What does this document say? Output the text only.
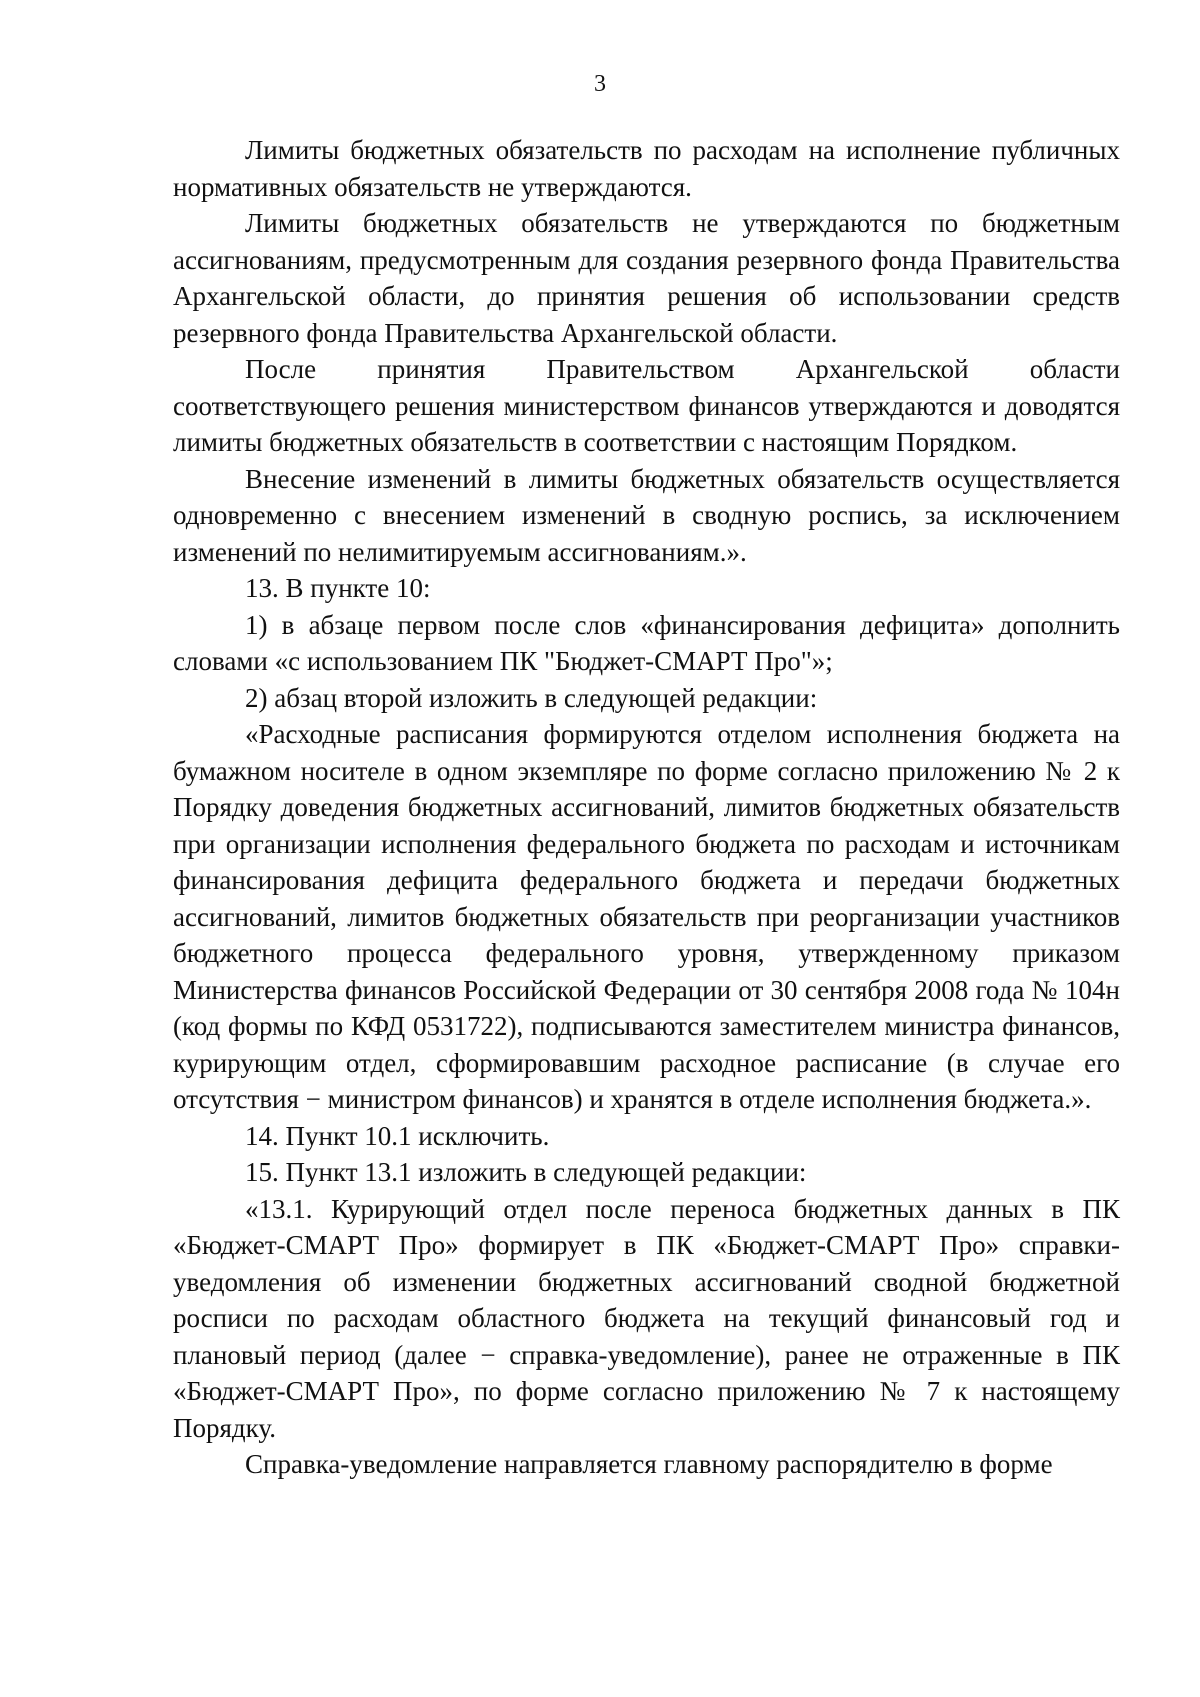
3

Лимиты бюджетных обязательств по расходам на исполнение публичных нормативных обязательств не утверждаются.

Лимиты бюджетных обязательств не утверждаются по бюджетным ассигнованиям, предусмотренным для создания резервного фонда Правительства Архангельской области, до принятия решения об использовании средств резервного фонда Правительства Архангельской области.

После принятия Правительством Архангельской области соответствующего решения министерством финансов утверждаются и доводятся лимиты бюджетных обязательств в соответствии с настоящим Порядком.

Внесение изменений в лимиты бюджетных обязательств осуществляется одновременно с внесением изменений в сводную роспись, за исключением изменений по нелимитируемым ассигнованиям.».

13. В пункте 10:

1) в абзаце первом после слов «финансирования дефицита» дополнить словами «с использованием ПК "Бюджет-СМАРТ Про"»;

2) абзац второй изложить в следующей редакции:

«Расходные расписания формируются отделом исполнения бюджета на бумажном носителе в одном экземпляре по форме согласно приложению № 2 к Порядку доведения бюджетных ассигнований, лимитов бюджетных обязательств при организации исполнения федерального бюджета по расходам и источникам финансирования дефицита федерального бюджета и передачи бюджетных ассигнований, лимитов бюджетных обязательств при реорганизации участников бюджетного процесса федерального уровня, утвержденному приказом Министерства финансов Российской Федерации от 30 сентября 2008 года № 104н (код формы по КФД 0531722), подписываются заместителем министра финансов, курирующим отдел, сформировавшим расходное расписание (в случае его отсутствия − министром финансов) и хранятся в отделе исполнения бюджета.».

14. Пункт 10.1 исключить.

15. Пункт 13.1 изложить в следующей редакции:

«13.1. Курирующий отдел после переноса бюджетных данных в ПК «Бюджет-СМАРТ Про» формирует в ПК «Бюджет-СМАРТ Про» справки-уведомления об изменении бюджетных ассигнований сводной бюджетной росписи по расходам областного бюджета на текущий финансовый год и плановый период (далее − справка-уведомление), ранее не отраженные в ПК «Бюджет-СМАРТ Про», по форме согласно приложению № 7 к настоящему Порядку.

Справка-уведомление направляется главному распорядителю в форме
